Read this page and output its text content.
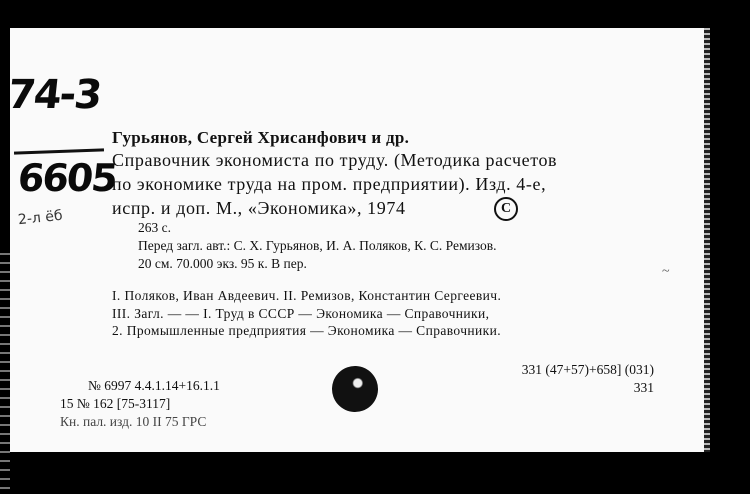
74-3
6605
2-л ёб
Гурьянов, Сергей Хрисанфович и др.
Справочник экономиста по труду. (Методика расчетов
по экономике труда на пром. предприятии). Изд. 4-е,
испр. и доп. М., «Экономика», 1974	C
263 с.
Перед загл. авт.: С. Х. Гурьянов, И. А. Поляков, К. С. Ремизов.
20 см. 70.000 экз. 95 к. В пер.
I. Поляков, Иван Авдеевич. II. Ремизов, Константин Сергеевич.
III. Загл. — — I. Труд в СССР — Экономика — Справочники,
2. Промышленные предприятия — Экономика — Справочники.
~
331 (47+57)+658] (031)
331
№ 6997 4.4.1.14+16.1.1
15 № 162 [75-3117]
Кн. пал. изд. 10 II 75 ГРС
